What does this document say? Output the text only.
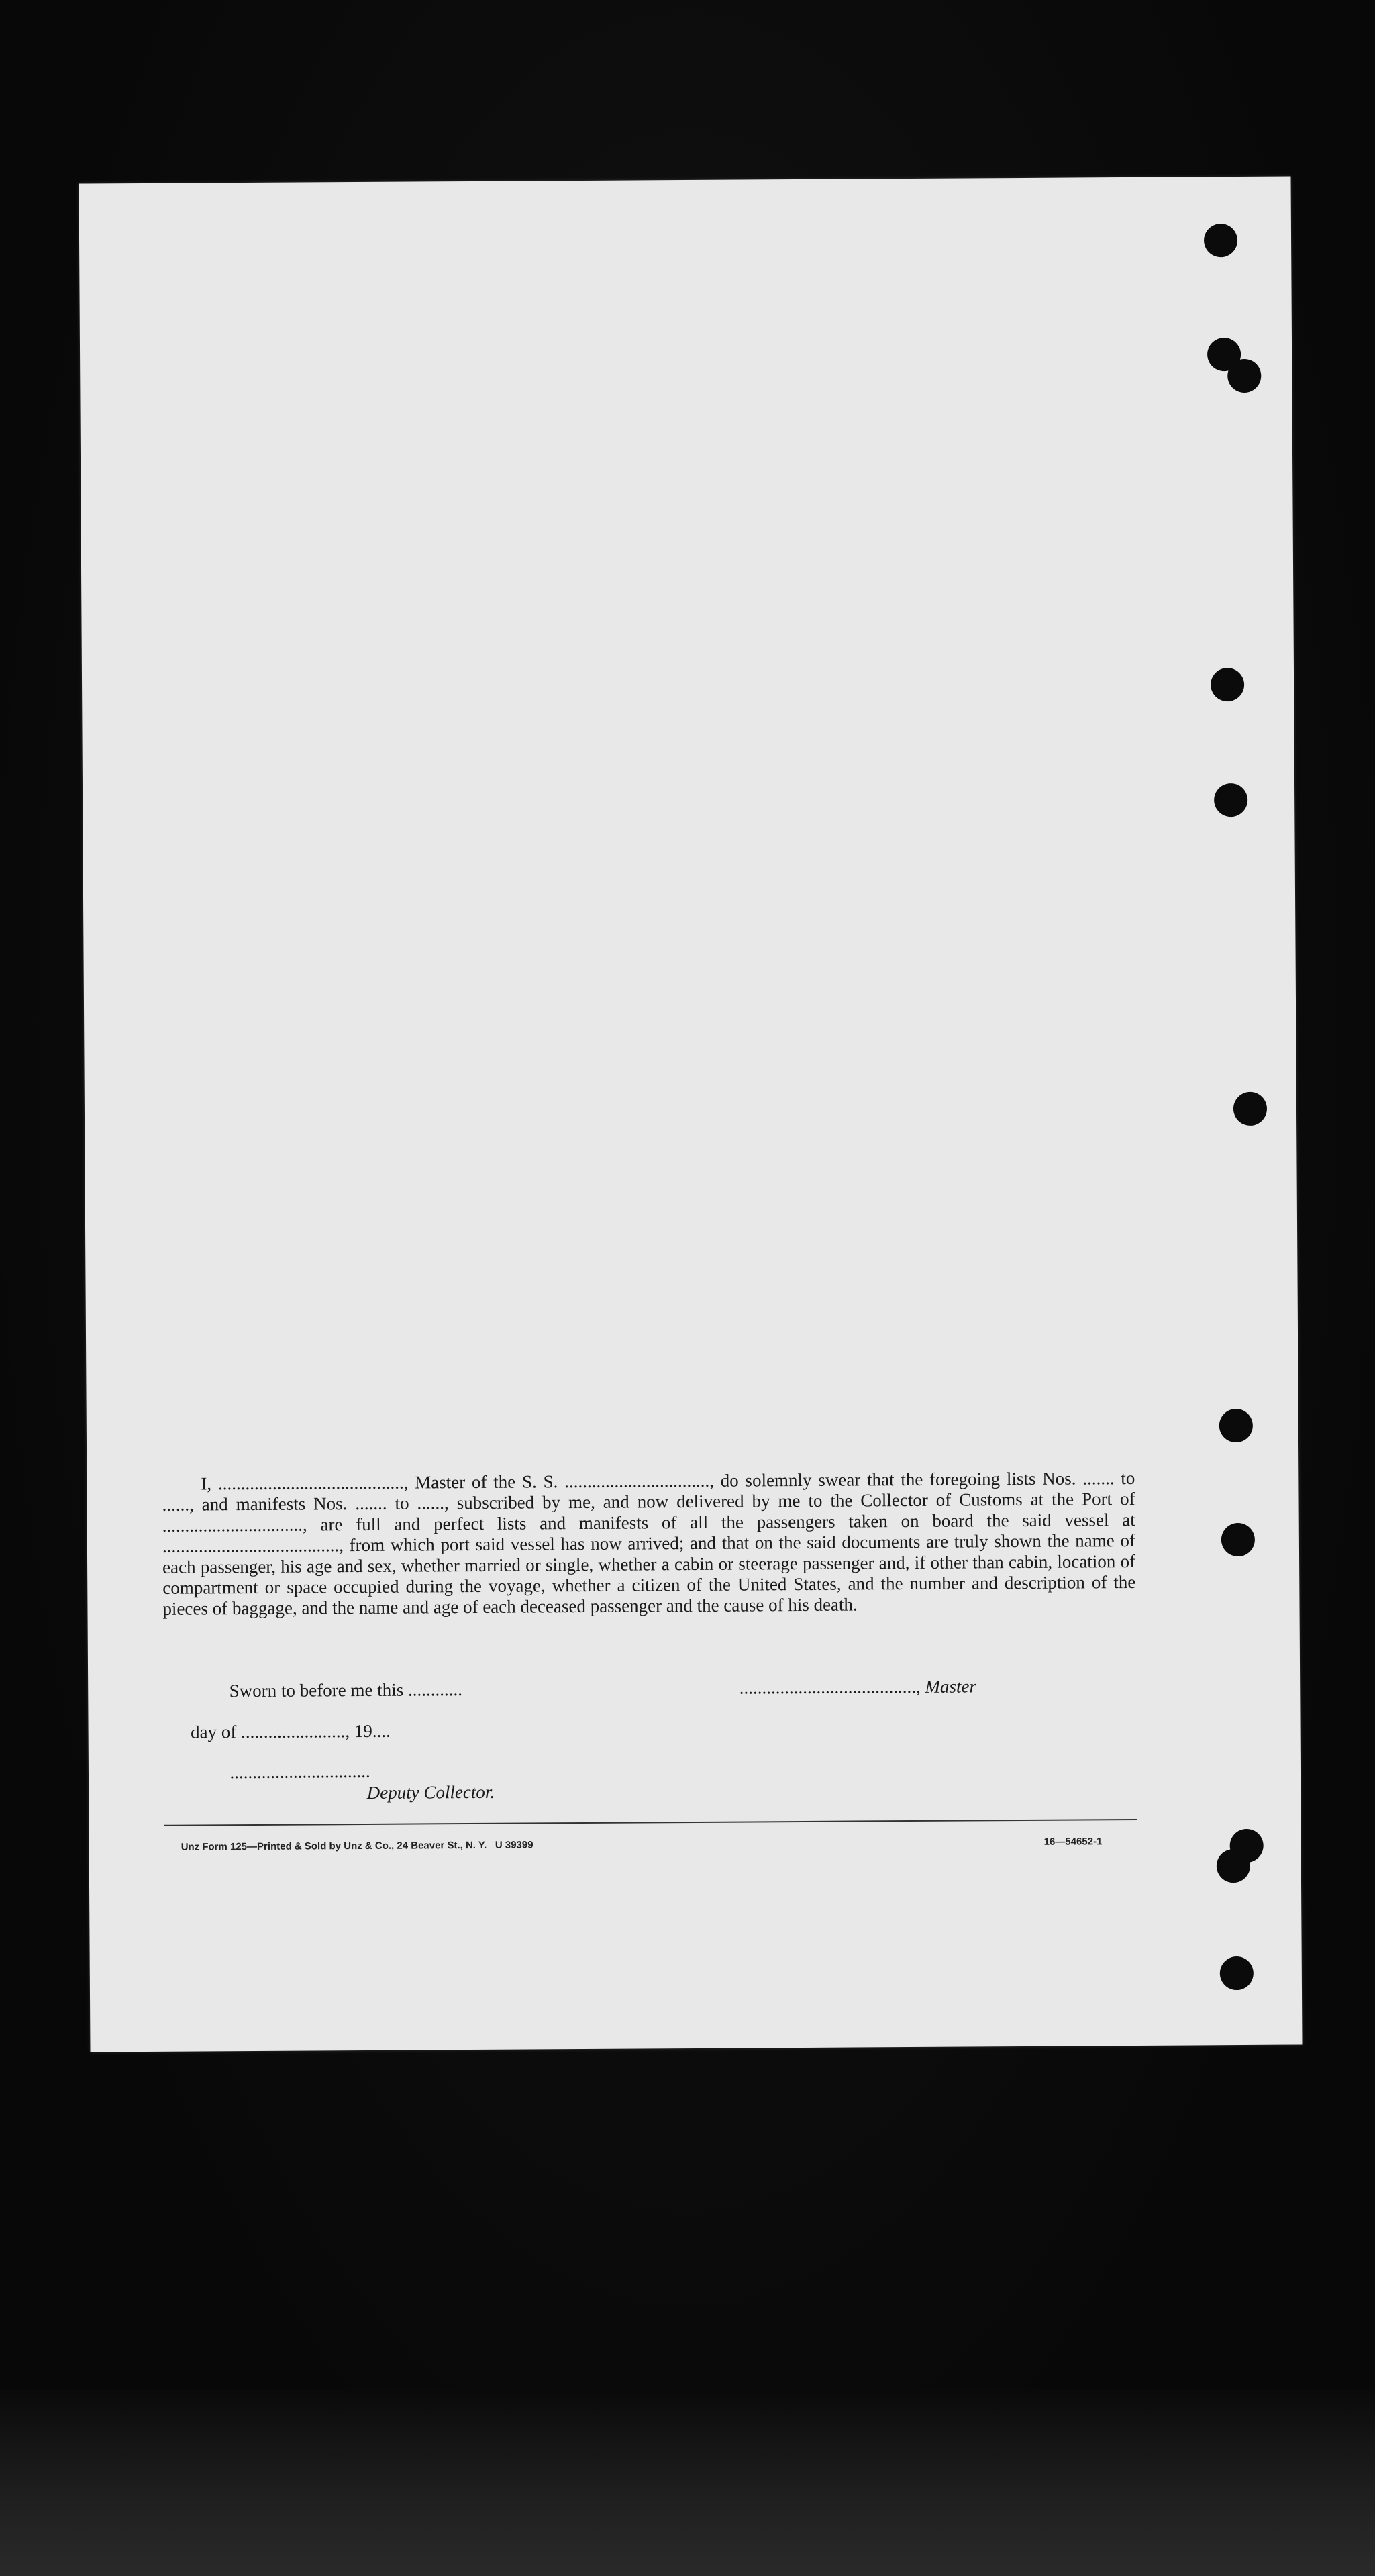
I, ........................................., Master of the S. S. ................................, do solemnly swear that the foregoing lists Nos. ....... to ......, and manifests Nos. ....... to ......, subscribed by me, and now delivered by me to the Collector of Customs at the Port of ..............................., are full and perfect lists and manifests of all the passengers taken on board the said vessel at ......................................., from which port said vessel has now arrived; and that on the said documents are truly shown the name of each passenger, his age and sex, whether married or single, whether a cabin or steerage passenger and, if other than cabin, location of compartment or space occupied during the voyage, whether a citizen of the United States, and the number and description of the pieces of baggage, and the name and age of each deceased passenger and the cause of his death.

Sworn to before me this ............
	......................................., Master

day of ......................., 19....

...............................

Deputy Collector.

Unz Form 125—Printed & Sold by Unz & Co., 24 Beaver St., N. Y.   U 39399
	16—54652-1
